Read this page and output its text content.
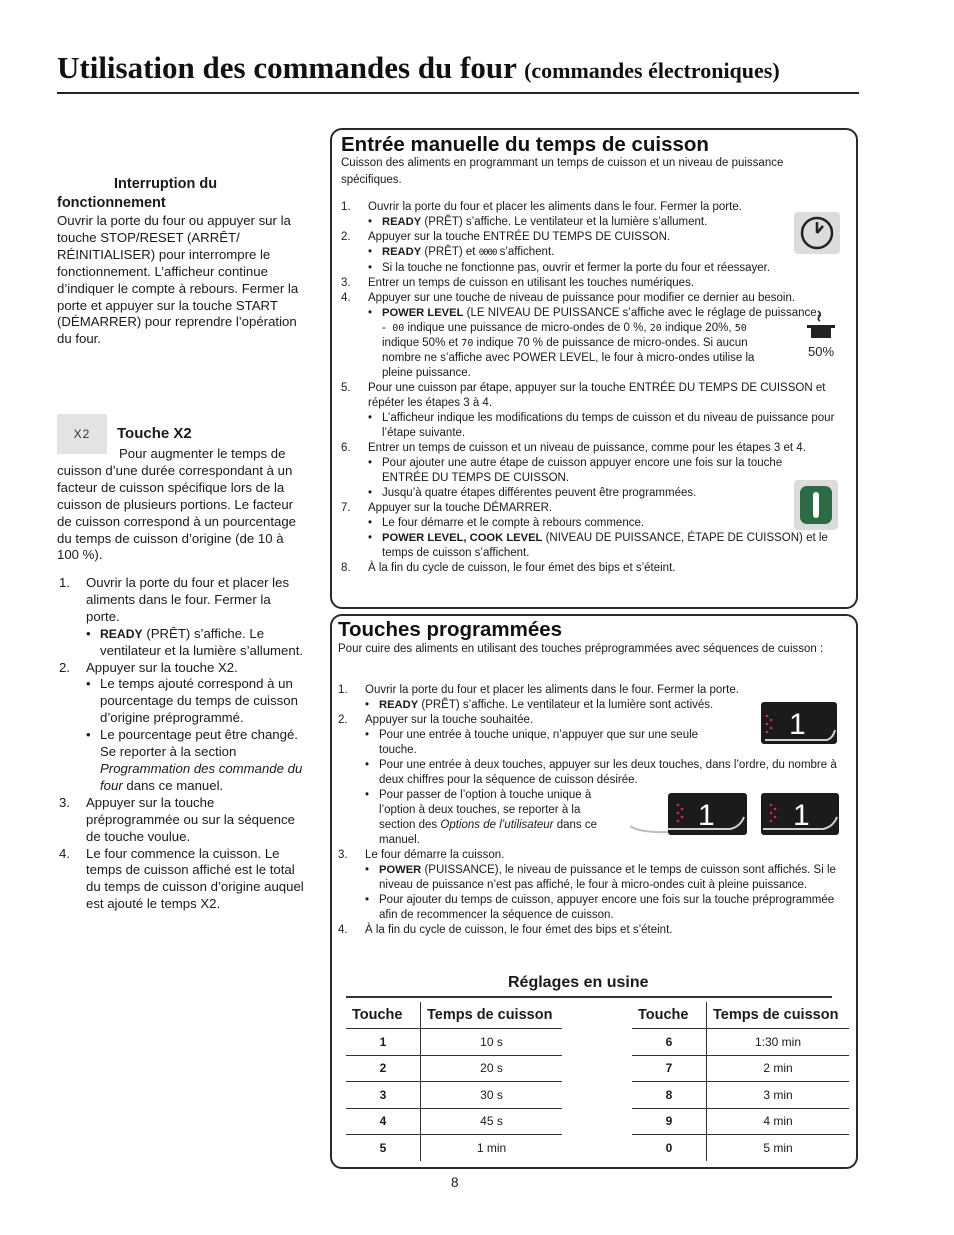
Utilisation des commandes du four (commandes électroniques)
Interruption du
fonctionnement
Ouvrir la porte du four ou appuyer sur la touche STOP/RESET (ARRÊT/ RÉINITIALISER) pour interrompre le fonctionnement. L’afficheur continue d’indiquer le compte à rebours. Fermer la porte et appuyer sur la touche START (DÉMARRER) pour reprendre l’opération du four.
X2 Touche X2
Pour augmenter le temps de
cuisson d’une durée correspondant à un facteur de cuisson spécifique lors de la cuisson de plusieurs portions. Le facteur de cuisson correspond à un pourcentage du temps de cuisson d’origine (de 10 à 100 %).
1. Ouvrir la porte du four et placer les aliments dans le four. Fermer la porte.
• READY (PRÊT) s’affiche. Le ventilateur et la lumière s’allument.
2. Appuyer sur la touche X2.
• Le temps ajouté correspond à un pourcentage du temps de cuisson d’origine préprogrammé.
• Le pourcentage peut être changé. Se reporter à la section Programmation des commande du four dans ce manuel.
3. Appuyer sur la touche préprogrammée ou sur la séquence de touche voulue.
4. Le four commence la cuisson. Le temps de cuisson affiché est le total du temps de cuisson d’origine auquel est ajouté le temps X2.
Entrée manuelle du temps de cuisson
Cuisson des aliments en programmant un temps de cuisson et un niveau de puissance spécifiques.
1. Ouvrir la porte du four et placer les aliments dans le four. Fermer la porte.
• READY (PRÊT) s’affiche. Le ventilateur et la lumière s’allument.
2. Appuyer sur la touche ENTRÉE DU TEMPS DE CUISSON.
• READY (PRÊT) et 0000 s’affichent.
• Si la touche ne fonctionne pas, ouvrir et fermer la porte du four et réessayer.
3. Entrer un temps de cuisson en utilisant les touches numériques.
4. Appuyer sur une touche de niveau de puissance pour modifier ce dernier au besoin.
• POWER LEVEL (LE NIVEAU DE PUISSANCE s’affiche avec le réglage de puissance.
-  00 indique une puissance de micro-ondes de 0 %, 20 indique 20%, 50 indique 50% et 70 indique 70 % de puissance de micro-ondes. Si aucun nombre ne s’affiche avec POWER LEVEL, le four à micro-ondes utilise la pleine puissance.
5. Pour une cuisson par étape, appuyer sur la touche ENTRÉE DU TEMPS DE CUISSON et répéter les étapes 3 à 4.
• L’afficheur indique les modifications du temps de cuisson et du niveau de puissance pour l’étape suivante.
6. Entrer un temps de cuisson et un niveau de puissance, comme pour les étapes 3 et 4.
• Pour ajouter une autre étape de cuisson appuyer encore une fois sur la touche ENTRÉE DU TEMPS DE CUISSON.
• Jusqu’à quatre étapes différentes peuvent être programmées.
7. Appuyer sur la touche DÉMARRER.
• Le four démarre et le compte à rebours commence.
• POWER LEVEL, COOK LEVEL (NIVEAU DE PUISSANCE, ÉTAPE DE CUISSON) et le temps de cuisson s’affichent.
8. À la fin du cycle de cuisson, le four émet des bips et s’éteint.
50%
Touches programmées
Pour cuire des aliments en utilisant des touches préprogrammées avec séquences de cuisson :
1. Ouvrir la porte du four et placer les aliments dans le four. Fermer la porte.
• READY (PRÊT) s’affiche. Le ventilateur et la lumière sont activés.
2. Appuyer sur la touche souhaitée.
• Pour une entrée à touche unique, n’appuyer que sur une seule touche.
• Pour une entrée à deux touches, appuyer sur les deux touches, dans l’ordre, du nombre à deux chiffres pour la séquence de cuisson désirée.
• Pour passer de l’option à touche unique à l’option à deux touches, se reporter à la section des Options de l’utilisateur dans ce manuel.
3. Le four démarre la cuisson.
• POWER (PUISSANCE), le niveau de puissance et le temps de cuisson sont affichés. Si le niveau de puissance n’est pas affiché, le four à micro-ondes cuit à pleine puissance.
• Pour ajouter du temps de cuisson, appuyer encore une fois sur la touche préprogrammée afin de recommencer la séquence de cuisson.
4. À la fin du cycle de cuisson, le four émet des bips et s’éteint.
1
1	1
Réglages en usine
Touche	Temps de cuisson
1	10 s
2	20 s
3	30 s
4	45 s
5	1 min
Touche	Temps de cuisson
6	1:30 min
7	2 min
8	3 min
9	4 min
0	5 min
8
